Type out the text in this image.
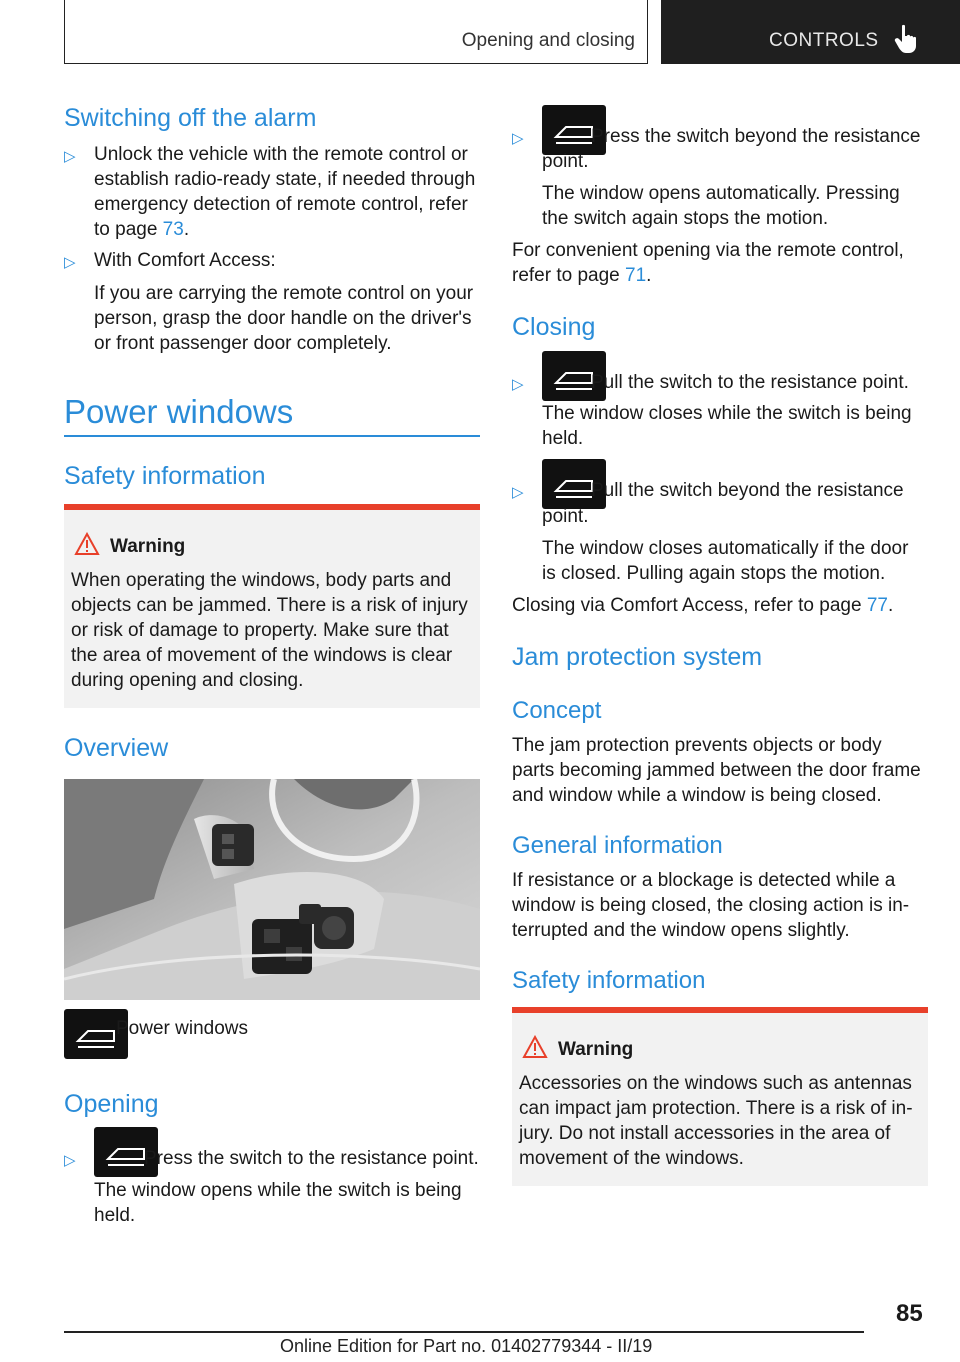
Opening and closing	CONTROLS
Switching off the alarm
▷ Unlock the vehicle with the remote control or
establish radio-ready state, if needed through
emergency detection of remote control, refer
to page 73.
▷ With Comfort Access:
If you are carrying the remote control on your
person, grasp the door handle on the driver's
or front passenger door completely.
Power windows
Safety information
Warning
When operating the windows, body parts and
objects can be jammed. There is a risk of injury
or risk of damage to property. Make sure that
the area of movement of the windows is clear
during opening and closing.
Overview
Power windows
Opening
▷	Press the switch to the resistance point.
The window opens while the switch is being
held.
▷	Press the switch beyond the resistance
point.
The window opens automatically. Pressing
the switch again stops the motion.
For convenient opening via the remote control,
refer to page 71.
Closing
▷	Pull the switch to the resistance point.
The window closes while the switch is being
held.
▷	Pull the switch beyond the resistance
point.
The window closes automatically if the door
is closed. Pulling again stops the motion.
Closing via Comfort Access, refer to page 77.
Jam protection system
Concept
The jam protection prevents objects or body
parts becoming jammed between the door frame
and window while a window is being closed.
General information
If resistance or a blockage is detected while a
window is being closed, the closing action is in-
terrupted and the window opens slightly.
Safety information
Warning
Accessories on the windows such as antennas
can impact jam protection. There is a risk of in-
jury. Do not install accessories in the area of
movement of the windows.
85
Online Edition for Part no. 01402779344 - II/19
